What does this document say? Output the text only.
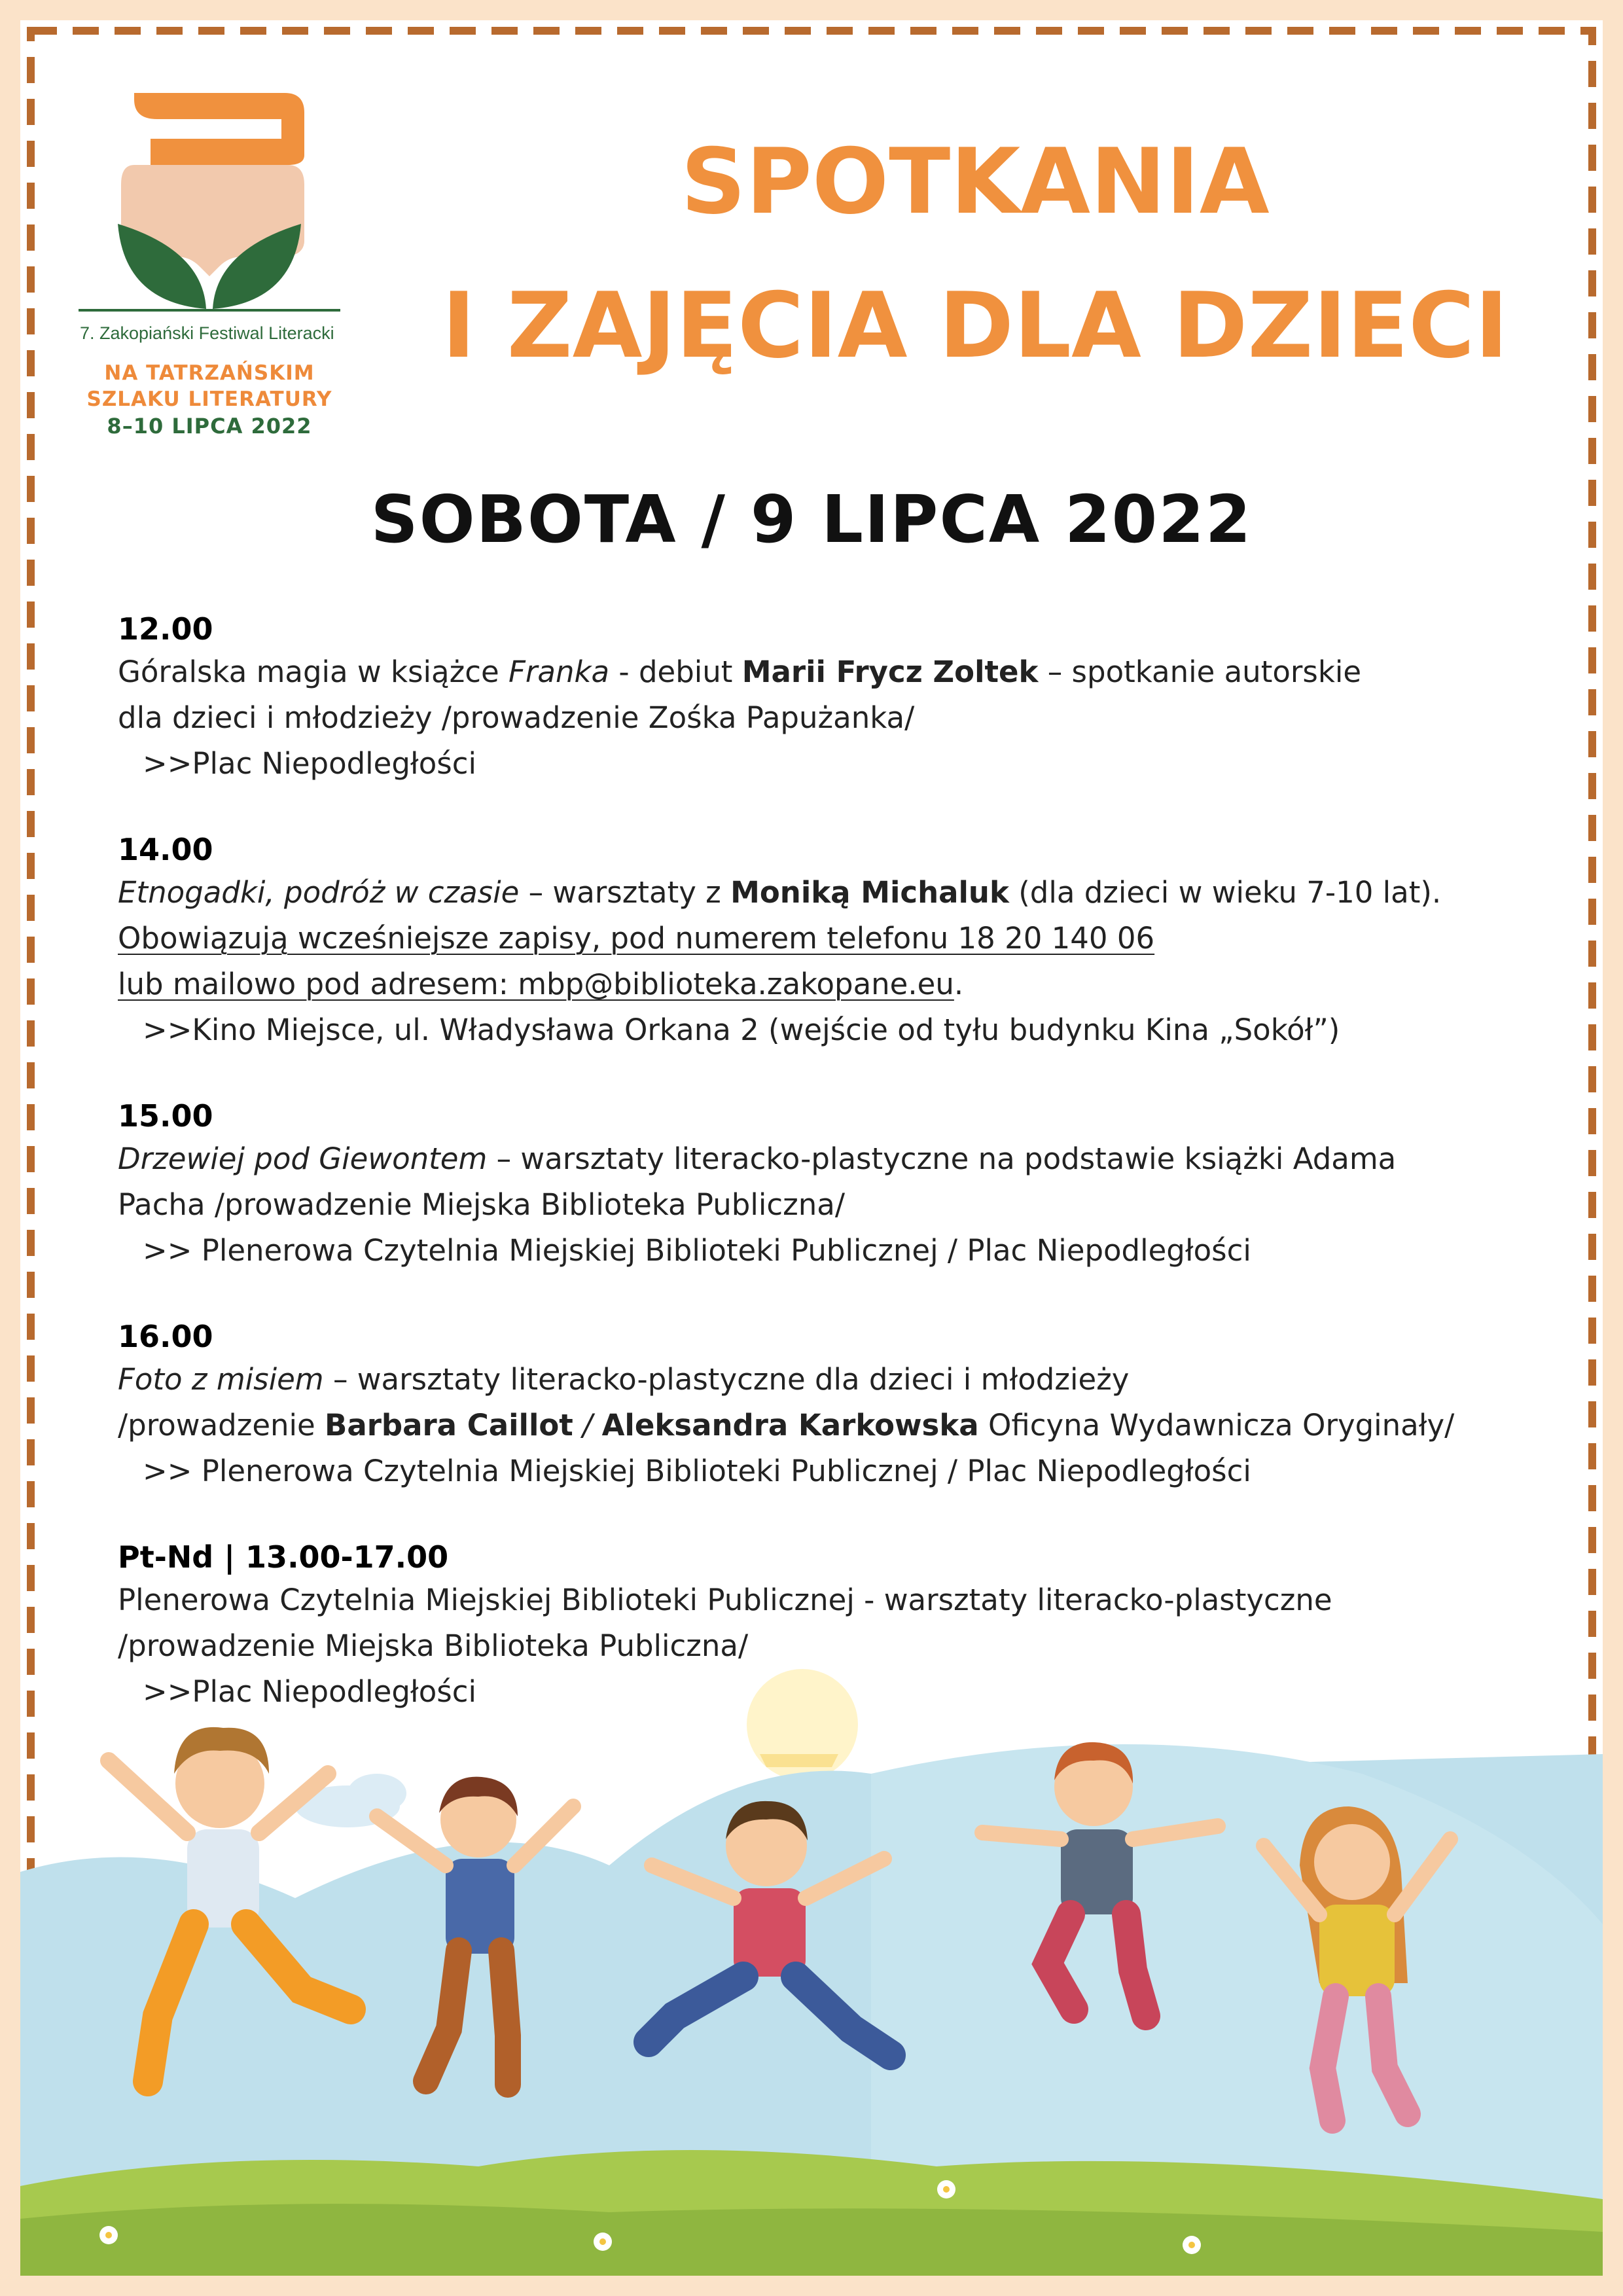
7. Zakopiański Festiwal Literacki
NA TATRZAŃSKIM
SZLAKU LITERATURY
8–10 LIPCA 2022
SPOTKANIA
I ZAJĘCIA DLA DZIECI
SOBOTA / 9 LIPCA 2022
12.00
Góralska magia w książce Franka - debiut Marii Frycz Zoltek – spotkanie autorskie
dla dzieci i młodzieży /prowadzenie Zośka Papużanka/
>>Plac Niepodległości
14.00
Etnogadki, podróż w czasie – warsztaty z Moniką Michaluk (dla dzieci w wieku 7-10 lat).
Obowiązują wcześniejsze zapisy, pod numerem telefonu 18 20 140 06
lub mailowo pod adresem: mbp@biblioteka.zakopane.eu.
>>Kino Miejsce, ul. Władysława Orkana 2 (wejście od tyłu budynku Kina „Sokół”)
15.00
Drzewiej pod Giewontem – warsztaty literacko-plastyczne na podstawie książki Adama
Pacha /prowadzenie Miejska Biblioteka Publiczna/
>> Plenerowa Czytelnia Miejskiej Biblioteki Publicznej / Plac Niepodległości
16.00
Foto z misiem – warsztaty literacko-plastyczne dla dzieci i młodzieży
/prowadzenie Barbara Caillot / Aleksandra Karkowska Oficyna Wydawnicza Oryginały/
>> Plenerowa Czytelnia Miejskiej Biblioteki Publicznej / Plac Niepodległości
Pt-Nd | 13.00-17.00
Plenerowa Czytelnia Miejskiej Biblioteki Publicznej - warsztaty literacko-plastyczne
/prowadzenie Miejska Biblioteka Publiczna/
>>Plac Niepodległości
